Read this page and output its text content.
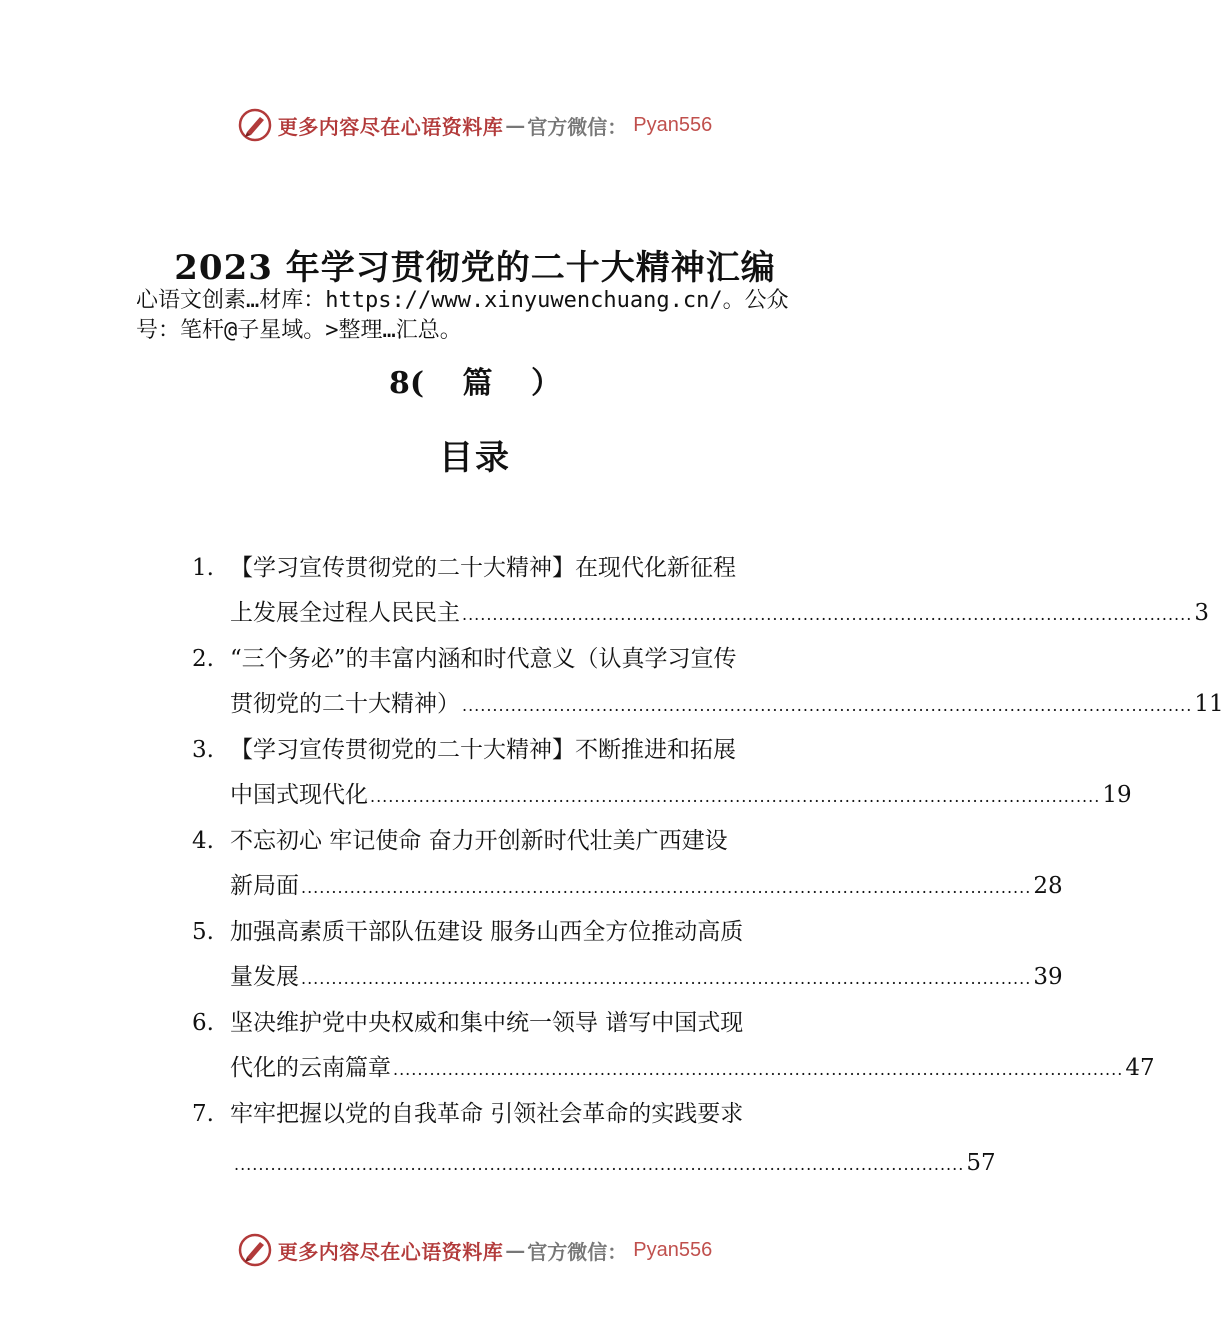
更多内容尽在心语资料库 — 官方微信： Pyan556
2023 年学习贯彻党的二十大精神汇编
心语文创素…材库：https://www.xinyuwenchuang.cn/。公众
号：笔杆@子星域。>整理…汇总。
8( 篇 ）
目录
1. 【学习宣传贯彻党的二十大精神】在现代化新征程
上发展全过程人民民主 ........................................................................................................................ 3
2. “三个务必”的丰富内涵和时代意义（认真学习宣传
贯彻党的二十大精神） ........................................................................................................................ 11
3. 【学习宣传贯彻党的二十大精神】不断推进和拓展
中国式现代化 ........................................................................................................................ 19
4. 不忘初心 牢记使命 奋力开创新时代壮美广西建设
新局面 ........................................................................................................................ 28
5. 加强高素质干部队伍建设 服务山西全方位推动高质
量发展 ........................................................................................................................ 39
6. 坚决维护党中央权威和集中统一领导 谱写中国式现
代化的云南篇章 ........................................................................................................................ 47
7. 牢牢把握以党的自我革命 引领社会革命的实践要求
........................................................................................................................ 57
更多内容尽在心语资料库 — 官方微信： Pyan556
